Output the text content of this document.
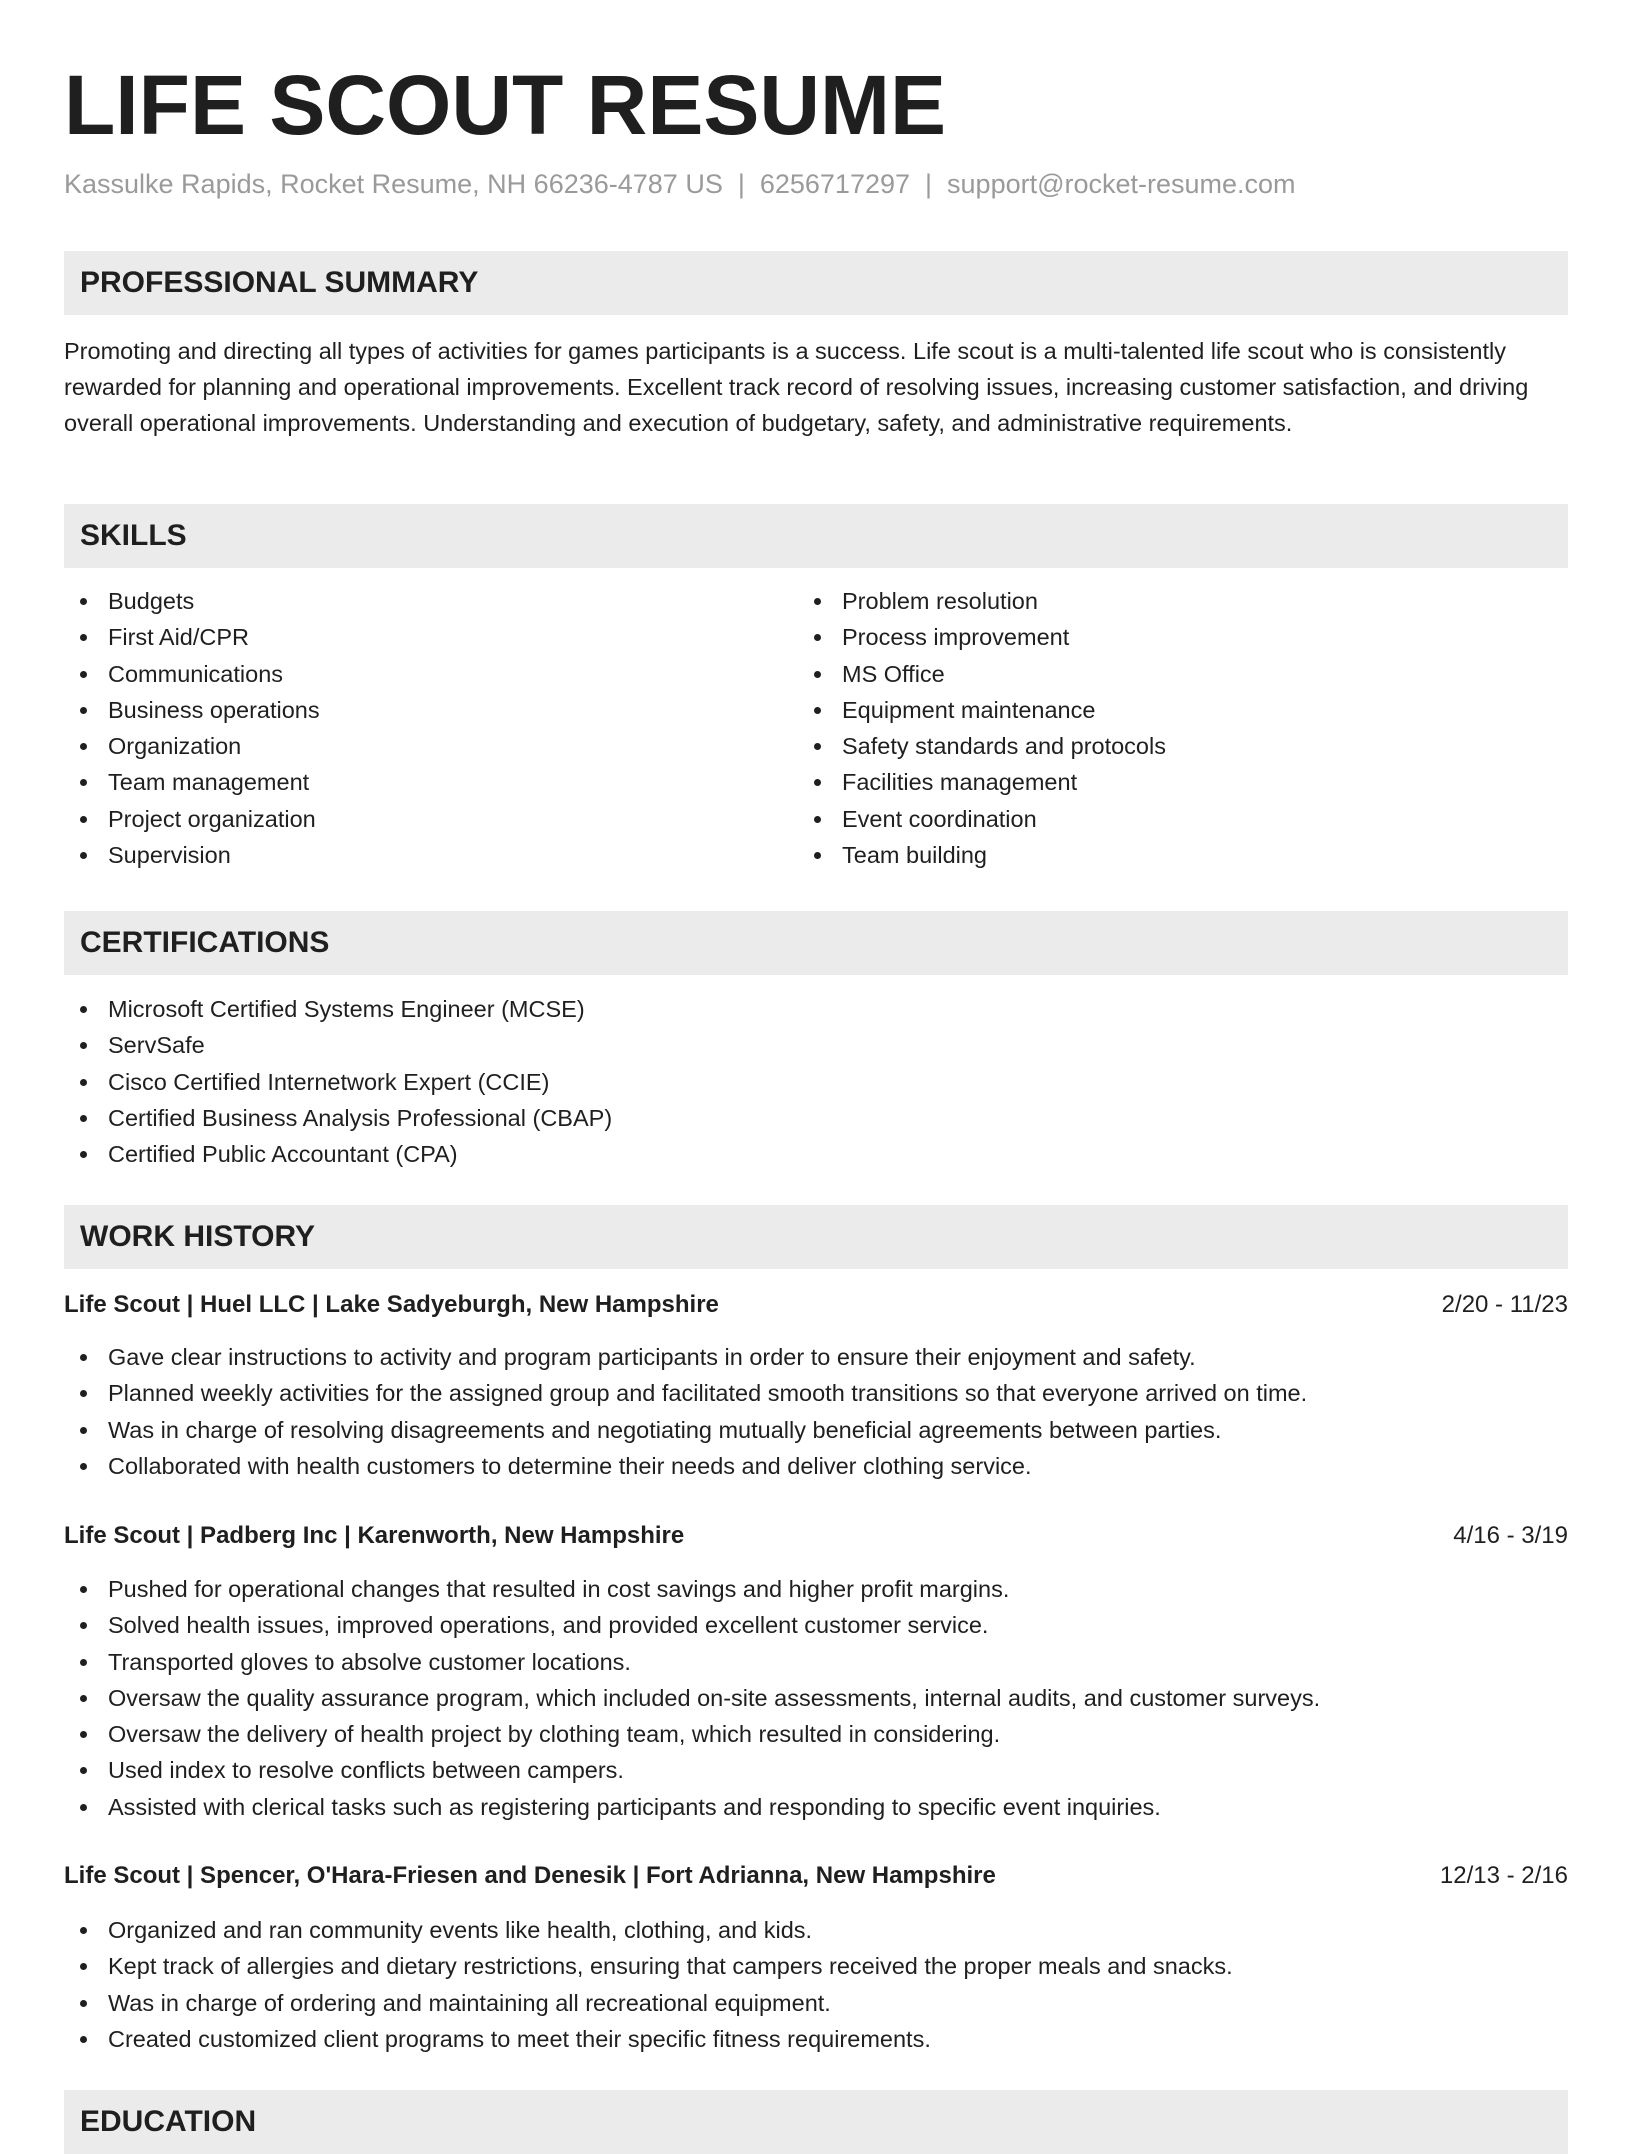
LIFE SCOUT RESUME
Kassulke Rapids, Rocket Resume, NH 66236-4787 US | 6256717297 | support@rocket-resume.com
PROFESSIONAL SUMMARY

Promoting and directing all types of activities for games participants is a success. Life scout is a multi-talented life scout who is consistently rewarded for planning and operational improvements. Excellent track record of resolving issues, increasing customer satisfaction, and driving overall operational improvements. Understanding and execution of budgetary, safety, and administrative requirements.

SKILLS
Budgets
First Aid/CPR
Communications
Business operations
Organization
Team management
Project organization
Supervision
Problem resolution
Process improvement
MS Office
Equipment maintenance
Safety standards and protocols
Facilities management
Event coordination
Team building
CERTIFICATIONS
Microsoft Certified Systems Engineer (MCSE)
ServSafe
Cisco Certified Internetwork Expert (CCIE)
Certified Business Analysis Professional (CBAP)
Certified Public Accountant (CPA)
WORK HISTORY
Life Scout | Huel LLC | Lake Sadyeburgh, New Hampshire	2/20 - 11/23
Gave clear instructions to activity and program participants in order to ensure their enjoyment and safety.
Planned weekly activities for the assigned group and facilitated smooth transitions so that everyone arrived on time.
Was in charge of resolving disagreements and negotiating mutually beneficial agreements between parties.
Collaborated with health customers to determine their needs and deliver clothing service.
Life Scout | Padberg Inc | Karenworth, New Hampshire	4/16 - 3/19
Pushed for operational changes that resulted in cost savings and higher profit margins.
Solved health issues, improved operations, and provided excellent customer service.
Transported gloves to absolve customer locations.
Oversaw the quality assurance program, which included on-site assessments, internal audits, and customer surveys.
Oversaw the delivery of health project by clothing team, which resulted in considering.
Used index to resolve conflicts between campers.
Assisted with clerical tasks such as registering participants and responding to specific event inquiries.
Life Scout | Spencer, O'Hara-Friesen and Denesik | Fort Adrianna, New Hampshire	12/13 - 2/16
Organized and ran community events like health, clothing, and kids.
Kept track of allergies and dietary restrictions, ensuring that campers received the proper meals and snacks.
Was in charge of ordering and maintaining all recreational equipment.
Created customized client programs to meet their specific fitness requirements.
EDUCATION
